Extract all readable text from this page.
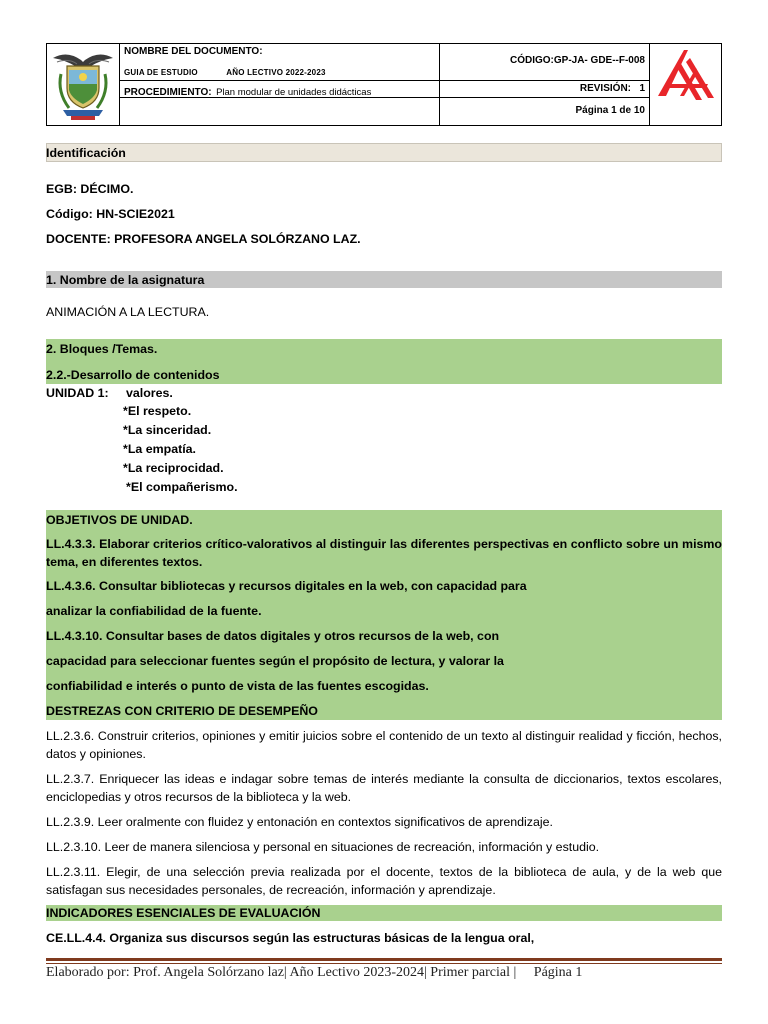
NOMBRE DEL DOCUMENTO:
GUIA DE ESTUDIO	AÑO LECTIVO 2022-2023
CÓDIGO:GP-JA- GDE--F-008
PROCEDIMIENTO: Plan modular de unidades didácticas	REVISIÓN: 1
Página 1 de 10
Identificación
EGB: DÉCIMO.
Código: HN-SCIE2021
DOCENTE: PROFESORA ANGELA SOLÓRZANO LAZ.
1. Nombre de la asignatura
ANIMACIÓN A LA LECTURA.
2. Bloques /Temas.
2.2.-Desarrollo de contenidos
UNIDAD 1: valores.
*El respeto.
*La sinceridad.
*La empatía.
*La reciprocidad.
*El compañerismo.
OBJETIVOS DE UNIDAD.
LL.4.3.3. Elaborar criterios crítico-valorativos al distinguir las diferentes perspectivas en conflicto sobre un mismo tema, en diferentes textos.
LL.4.3.6. Consultar bibliotecas y recursos digitales en la web, con capacidad para
analizar la confiabilidad de la fuente.
LL.4.3.10. Consultar bases de datos digitales y otros recursos de la web, con
capacidad para seleccionar fuentes según el propósito de lectura, y valorar la
confiabilidad e interés o punto de vista de las fuentes escogidas.
DESTREZAS CON CRITERIO DE DESEMPEÑO
LL.2.3.6. Construir criterios, opiniones y emitir juicios sobre el contenido de un texto al distinguir realidad y ficción, hechos, datos y opiniones.
LL.2.3.7. Enriquecer las ideas e indagar sobre temas de interés mediante la consulta de diccionarios, textos escolares, enciclopedias y otros recursos de la biblioteca y la web.
LL.2.3.9. Leer oralmente con fluidez y entonación en contextos significativos de aprendizaje.
LL.2.3.10. Leer de manera silenciosa y personal en situaciones de recreación, información y estudio.
LL.2.3.11. Elegir, de una selección previa realizada por el docente, textos de la biblioteca de aula, y de la web que satisfagan sus necesidades personales, de recreación, información y aprendizaje.
INDICADORES ESENCIALES DE EVALUACIÓN
CE.LL.4.4. Organiza sus discursos según las estructuras básicas de la lengua oral,
Elaborado por: Prof. Angela Solórzano laz| Año Lectivo 2023-2024| Primer parcial |     Página 1
